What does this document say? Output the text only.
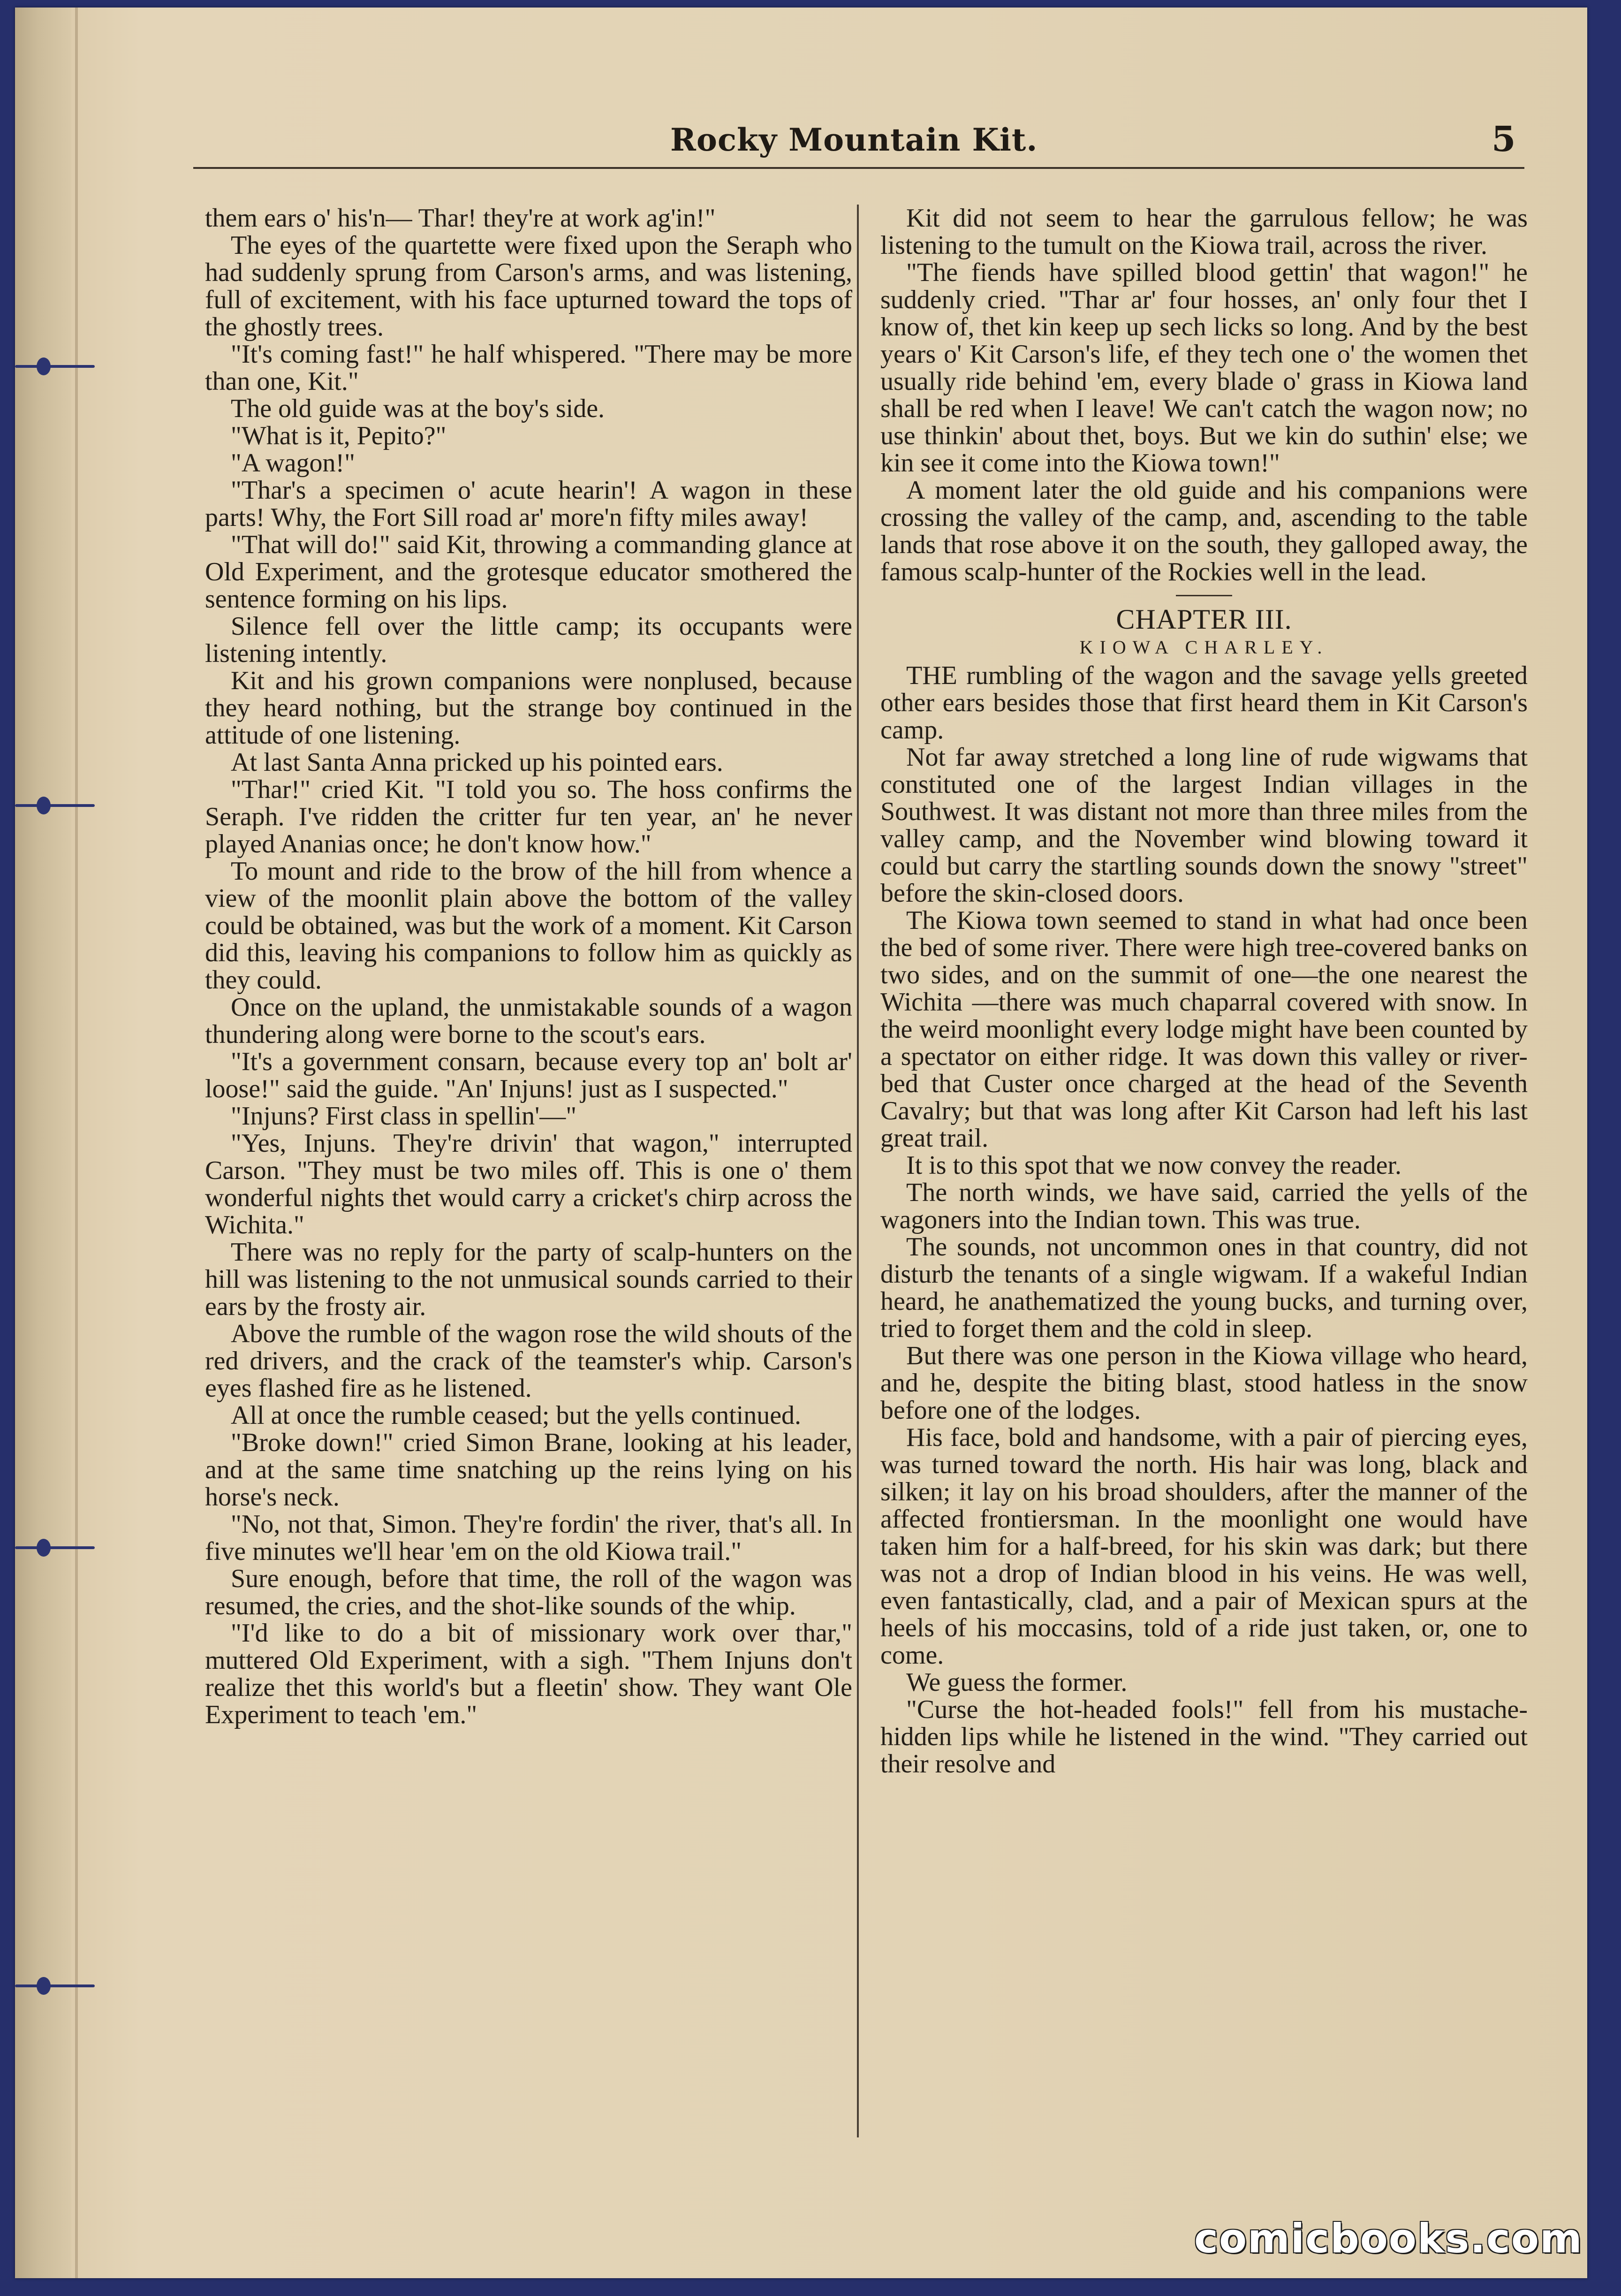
Rocky Mountain Kit.	5

them ears o' his'n— Thar! they're at work ag'in!"

The eyes of the quartette were fixed upon the Seraph who had suddenly sprung from Carson's arms, and was listening, full of excitement, with his face upturned toward the tops of the ghostly trees.

"It's coming fast!" he half whispered. "There may be more than one, Kit."

The old guide was at the boy's side.

"What is it, Pepito?"

"A wagon!"

"Thar's a specimen o' acute hearin'! A wagon in these parts! Why, the Fort Sill road ar' more'n fifty miles away!

"That will do!" said Kit, throwing a commanding glance at Old Experiment, and the grotesque educator smothered the sentence forming on his lips.

Silence fell over the little camp; its occupants were listening intently.

Kit and his grown companions were nonplused, because they heard nothing, but the strange boy continued in the attitude of one listening.

At last Santa Anna pricked up his pointed ears.

"Thar!" cried Kit. "I told you so. The hoss confirms the Seraph. I've ridden the critter fur ten year, an' he never played Ananias once; he don't know how."

To mount and ride to the brow of the hill from whence a view of the moonlit plain above the bottom of the valley could be obtained, was but the work of a moment. Kit Carson did this, leaving his companions to follow him as quickly as they could.

Once on the upland, the unmistakable sounds of a wagon thundering along were borne to the scout's ears.

"It's a government consarn, because every top an' bolt ar' loose!" said the guide. "An' Injuns! just as I suspected."

"Injuns? First class in spellin'—"

"Yes, Injuns. They're drivin' that wagon," interrupted Carson. "They must be two miles off. This is one o' them wonderful nights thet would carry a cricket's chirp across the Wichita."

There was no reply for the party of scalp-hunters on the hill was listening to the not unmusical sounds carried to their ears by the frosty air.

Above the rumble of the wagon rose the wild shouts of the red drivers, and the crack of the teamster's whip. Carson's eyes flashed fire as he listened.

All at once the rumble ceased; but the yells continued.

"Broke down!" cried Simon Brane, looking at his leader, and at the same time snatching up the reins lying on his horse's neck.

"No, not that, Simon. They're fordin' the river, that's all. In five minutes we'll hear 'em on the old Kiowa trail."

Sure enough, before that time, the roll of the wagon was resumed, the cries, and the shot-like sounds of the whip.

"I'd like to do a bit of missionary work over thar," muttered Old Experiment, with a sigh. "Them Injuns don't realize thet this world's but a fleetin' show. They want Ole Experiment to teach 'em."

Kit did not seem to hear the garrulous fellow; he was listening to the tumult on the Kiowa trail, across the river.

"The fiends have spilled blood gettin' that wagon!" he suddenly cried. "Thar ar' four hosses, an' only four thet I know of, thet kin keep up sech licks so long. And by the best years o' Kit Carson's life, ef they tech one o' the women thet usually ride behind 'em, every blade o' grass in Kiowa land shall be red when I leave! We can't catch the wagon now; no use thinkin' about thet, boys. But we kin do suthin' else; we kin see it come into the Kiowa town!"

A moment later the old guide and his companions were crossing the valley of the camp, and, ascending to the table lands that rose above it on the south, they galloped away, the famous scalp-hunter of the Rockies well in the lead.

CHAPTER III.
KIOWA CHARLEY.

THE rumbling of the wagon and the savage yells greeted other ears besides those that first heard them in Kit Carson's camp.

Not far away stretched a long line of rude wigwams that constituted one of the largest Indian villages in the Southwest. It was distant not more than three miles from the valley camp, and the November wind blowing toward it could but carry the startling sounds down the snowy "street" before the skin-closed doors.

The Kiowa town seemed to stand in what had once been the bed of some river. There were high tree-covered banks on two sides, and on the summit of one—the one nearest the Wichita —there was much chaparral covered with snow. In the weird moonlight every lodge might have been counted by a spectator on either ridge. It was down this valley or river-bed that Custer once charged at the head of the Seventh Cavalry; but that was long after Kit Carson had left his last great trail.

It is to this spot that we now convey the reader.

The north winds, we have said, carried the yells of the wagoners into the Indian town. This was true.

The sounds, not uncommon ones in that country, did not disturb the tenants of a single wigwam. If a wakeful Indian heard, he anathematized the young bucks, and turning over, tried to forget them and the cold in sleep.

But there was one person in the Kiowa village who heard, and he, despite the biting blast, stood hatless in the snow before one of the lodges.

His face, bold and handsome, with a pair of piercing eyes, was turned toward the north. His hair was long, black and silken; it lay on his broad shoulders, after the manner of the affected frontiersman. In the moonlight one would have taken him for a half-breed, for his skin was dark; but there was not a drop of Indian blood in his veins. He was well, even fantastically, clad, and a pair of Mexican spurs at the heels of his moccasins, told of a ride just taken, or, one to come.

We guess the former.

"Curse the hot-headed fools!" fell from his mustache-hidden lips while he listened in the wind. "They carried out their resolve and

comicbooks.com
